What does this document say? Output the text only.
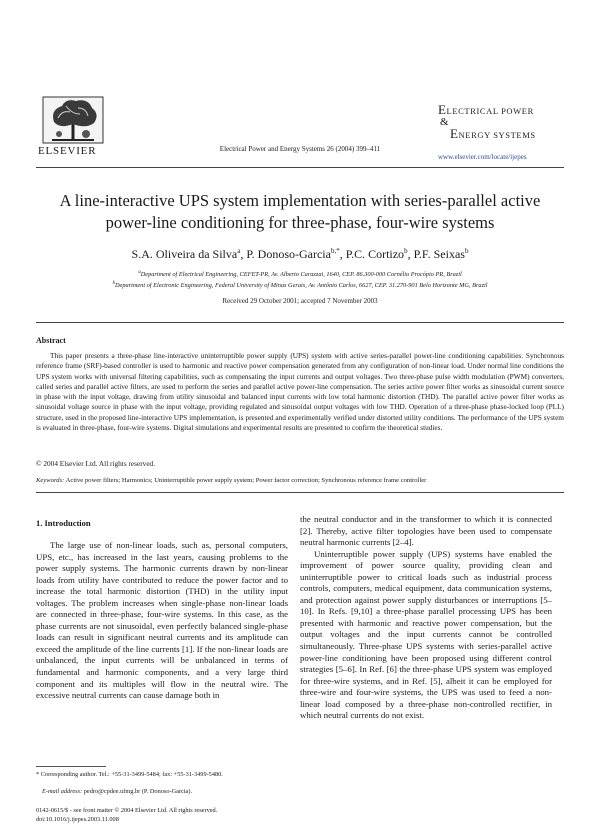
ELSEVIER	Electrical Power and Energy Systems 26 (2004) 399–411
ELECTRICAL POWER
&
ENERGY SYSTEMS
www.elsevier.com/locate/ijepes
A line-interactive UPS system implementation with series-parallel active power-line conditioning for three-phase, four-wire systems
S.A. Oliveira da Silva$^a$, P. Donoso-Garcia$^{b,*}$, P.C. Cortizo$^b$, P.F. Seixas$^b$
$^a$Department of Electrical Engineering, CEFET-PR, Av. Alberto Carazzai, 1640, CEP. 86.300-000 Cornélio Procópio PR, Brazil
$^b$Department of Electronic Engineering, Federal University of Minas Gerais, Av. Antônio Carlos, 6627, CEP. 31.270-901 Belo Horizonte MG, Brazil
Received 29 October 2001; accepted 7 November 2003
Abstract

This paper presents a three-phase line-interactive uninterruptible power supply (UPS) system with active series-parallel power-line conditioning capabilities. Synchronous reference frame (SRF)-based controller is used to harmonic and reactive power compensation generated from any configuration of non-linear load. Under normal line conditions the UPS system works with universal filtering capabilities, such as compensating the input currents and output voltages. Two three-phase pulse width modulation (PWM) converters, called series and parallel active filters, are used to perform the series and parallel active power-line compensation. The series active power filter works as sinusoidal current source in phase with the input voltage, drawing from utility sinusoidal and balanced input currents with low total harmonic distortion (THD). The parallel active power filter works as sinusoidal voltage source in phase with the input voltage, providing regulated and sinusoidal output voltages with low THD. Operation of a three-phase phase-locked loop (PLL) structure, used in the proposed line-interactive UPS implementation, is presented and experimentally verified under distorted utility conditions. The performance of the UPS system is evaluated in three-phase, four-wire systems. Digital simulations and experimental results are presented to confirm the theoretical studies.

© 2004 Elsevier Ltd. All rights reserved.
Keywords: Active power filters; Harmonics; Uninterruptible power supply system; Power factor correction; Synchronous reference frame controller
1. Introduction

The large use of non-linear loads, such as, personal computers, UPS, etc., has increased in the last years, causing problems to the power supply systems. The harmonic currents drawn by non-linear loads from utility have contributed to reduce the power factor and to increase the total harmonic distortion (THD) in the utility input voltages. The problem increases when single-phase non-linear loads are connected in three-phase, four-wire systems. In this case, as the phase currents are not sinusoidal, even perfectly balanced single-phase loads can result in significant neutral currents and its amplitude can exceed the amplitude of the line currents [1]. If the non-linear loads are unbalanced, the input currents will be unbalanced in terms of fundamental and harmonic components, and a very large third component and its multiples will flow in the neutral wire. The excessive neutral currents can cause damage both in

the neutral conductor and in the transformer to which it is connected [2]. Thereby, active filter topologies have been used to compensate neutral harmonic currents [2–4].

Uninterruptible power supply (UPS) systems have enabled the improvement of power source quality, providing clean and uninterruptible power to critical loads such as industrial process controls, computers, medical equipment, data communication systems, and protection against power supply disturbances or interruptions [5–10]. In Refs. [9,10] a three-phase parallel processing UPS has been presented with harmonic and reactive power compensation, but the output voltages and the input currents cannot be controlled simultaneously. Three-phase UPS systems with series-parallel active power-line conditioning have been proposed using different control strategies [5–6]. In Ref. [6] the three-phase UPS system was employed for three-wire systems, and in Ref. [5], albeit it can be employed for three-wire and four-wire systems, the UPS was used to feed a non-linear load composed by a three-phase non-controlled rectifier, in which neutral currents do not exist.

* Corresponding author. Tel.: +55-31-3499-5484; fax: +55-31-3499-5480.
E-mail address: pedro@cpdee.ufmg.br (P. Donoso-Garcia).
0142-0615/$ - see front matter © 2004 Elsevier Ltd. All rights reserved.
doi:10.1016/j.ijepes.2003.11.008
